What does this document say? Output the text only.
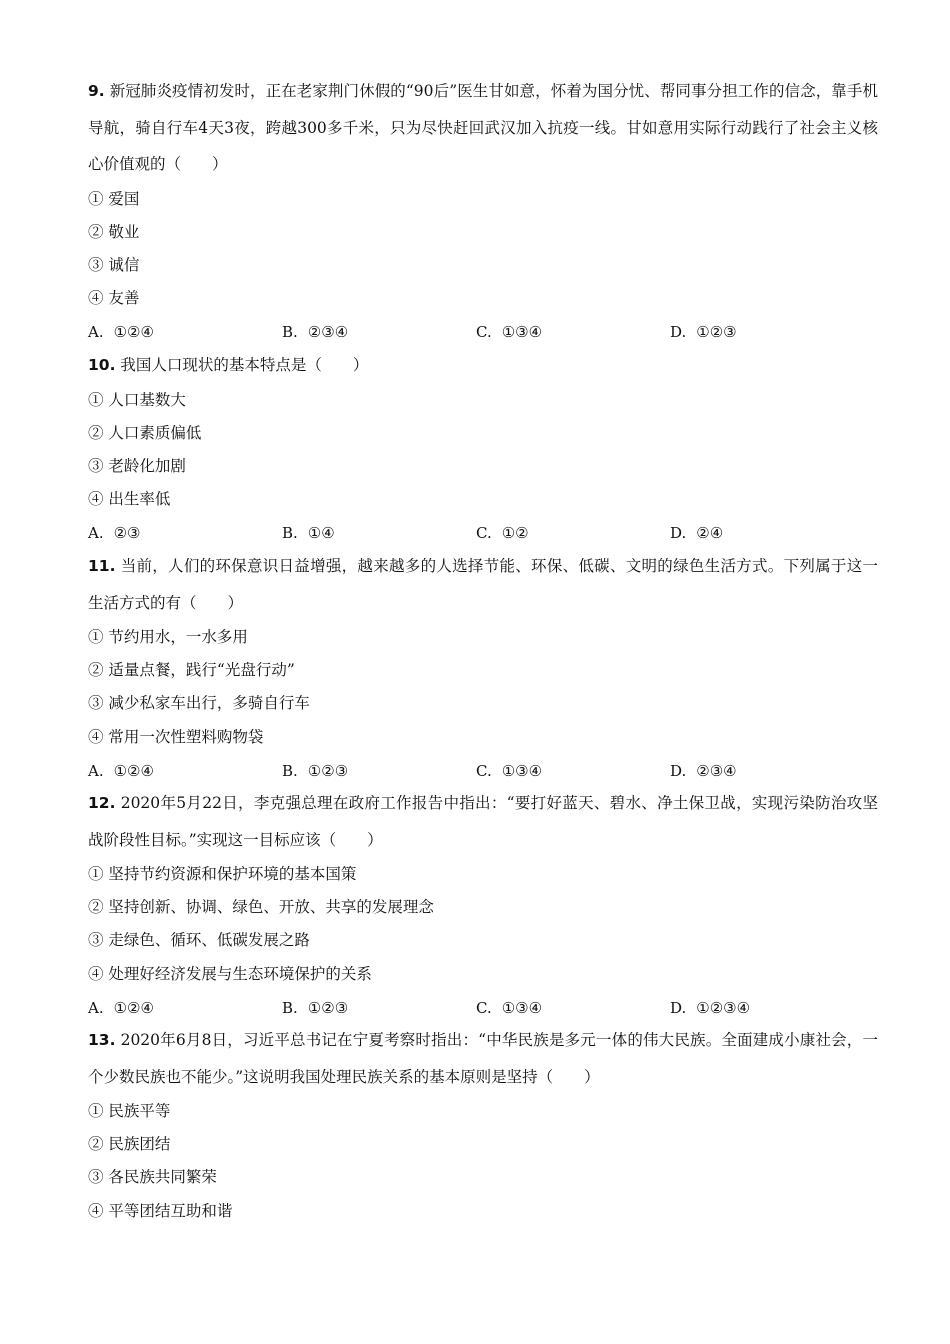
9. 新冠肺炎疫情初发时，正在老家荆门休假的“90后”医生甘如意，怀着为国分忧、帮同事分担工作的信念，靠手机导航，骑自行车4天3夜，跨越300多千米，只为尽快赶回武汉加入抗疫一线。甘如意用实际行动践行了社会主义核心价值观的（　　）

① 爱国
② 敬业
③ 诚信
④ 友善
A. ①②④	B. ②③④	C. ①③④	D. ①②③

10. 我国人口现状的基本特点是（　　）

① 人口基数大
② 人口素质偏低
③ 老龄化加剧
④ 出生率低
A. ②③	B. ①④	C. ①②	D. ②④

11. 当前，人们的环保意识日益增强，越来越多的人选择节能、环保、低碳、文明的绿色生活方式。下列属于这一生活方式的有（　　）

① 节约用水，一水多用
② 适量点餐，践行“光盘行动”
③ 减少私家车出行，多骑自行车
④ 常用一次性塑料购物袋
A. ①②④	B. ①②③	C. ①③④	D. ②③④

12. 2020年5月22日，李克强总理在政府工作报告中指出：“要打好蓝天、碧水、净土保卫战，实现污染防治攻坚战阶段性目标。”实现这一目标应该（　　）

① 坚持节约资源和保护环境的基本国策
② 坚持创新、协调、绿色、开放、共享的发展理念
③ 走绿色、循环、低碳发展之路
④ 处理好经济发展与生态环境保护的关系
A. ①②④	B. ①②③	C. ①③④	D. ①②③④

13. 2020年6月8日，习近平总书记在宁夏考察时指出：“中华民族是多元一体的伟大民族。全面建成小康社会，一个少数民族也不能少。”这说明我国处理民族关系的基本原则是坚持（　　）

① 民族平等
② 民族团结
③ 各民族共同繁荣
④ 平等团结互助和谐
